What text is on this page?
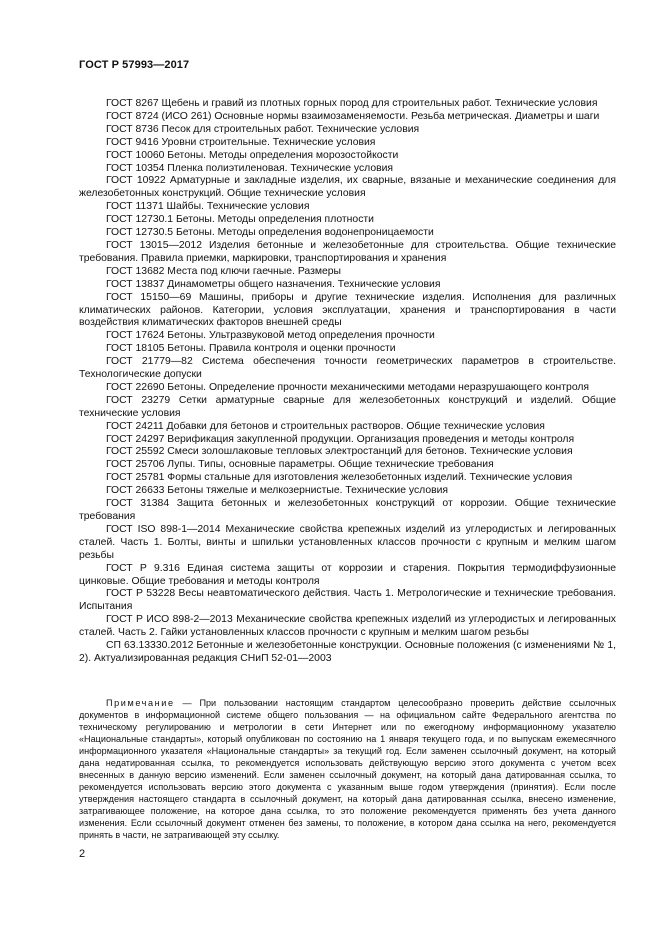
ГОСТ Р 57993—2017

ГОСТ 8267 Щебень и гравий из плотных горных пород для строительных работ. Технические условия

ГОСТ 8724 (ИСО 261) Основные нормы взаимозаменяемости. Резьба метрическая. Диаметры и шаги

ГОСТ 8736 Песок для строительных работ. Технические условия

ГОСТ 9416 Уровни строительные. Технические условия

ГОСТ 10060 Бетоны. Методы определения морозостойкости

ГОСТ 10354 Пленка полиэтиленовая. Технические условия

ГОСТ 10922 Арматурные и закладные изделия, их сварные, вязаные и механические соединения для железобетонных конструкций. Общие технические условия

ГОСТ 11371 Шайбы. Технические условия

ГОСТ 12730.1 Бетоны. Методы определения плотности

ГОСТ 12730.5 Бетоны. Методы определения водонепроницаемости

ГОСТ 13015—2012 Изделия бетонные и железобетонные для строительства. Общие технические требования. Правила приемки, маркировки, транспортирования и хранения

ГОСТ 13682 Места под ключи гаечные. Размеры

ГОСТ 13837 Динамометры общего назначения. Технические условия

ГОСТ 15150—69 Машины, приборы и другие технические изделия. Исполнения для различных климатических районов. Категории, условия эксплуатации, хранения и транспортирования в части воздействия климатических факторов внешней среды

ГОСТ 17624 Бетоны. Ультразвуковой метод определения прочности

ГОСТ 18105 Бетоны. Правила контроля и оценки прочности

ГОСТ 21779—82 Система обеспечения точности геометрических параметров в строительстве. Технологические допуски

ГОСТ 22690 Бетоны. Определение прочности механическими методами неразрушающего контроля

ГОСТ 23279 Сетки арматурные сварные для железобетонных конструкций и изделий. Общие технические условия

ГОСТ 24211 Добавки для бетонов и строительных растворов. Общие технические условия

ГОСТ 24297 Верификация закупленной продукции. Организация проведения и методы контроля

ГОСТ 25592 Смеси золошлаковые тепловых электростанций для бетонов. Технические условия

ГОСТ 25706 Лупы. Типы, основные параметры. Общие технические требования

ГОСТ 25781 Формы стальные для изготовления железобетонных изделий. Технические условия

ГОСТ 26633 Бетоны тяжелые и мелкозернистые. Технические условия

ГОСТ 31384 Защита бетонных и железобетонных конструкций от коррозии. Общие технические требования

ГОСТ ISO 898-1—2014 Механические свойства крепежных изделий из углеродистых и легированных сталей. Часть 1. Болты, винты и шпильки установленных классов прочности с крупным и мелким шагом резьбы

ГОСТ Р 9.316 Единая система защиты от коррозии и старения. Покрытия термодиффузионные цинковые. Общие требования и методы контроля

ГОСТ Р 53228 Весы неавтоматического действия. Часть 1. Метрологические и технические требования. Испытания

ГОСТ Р ИСО 898-2—2013 Механические свойства крепежных изделий из углеродистых и легированных сталей. Часть 2. Гайки установленных классов прочности с крупным и мелким шагом резьбы

СП 63.13330.2012 Бетонные и железобетонные конструкции. Основные положения (с изменениями № 1, 2). Актуализированная редакция СНиП 52-01—2003

Примечание — При пользовании настоящим стандартом целесообразно проверить действие ссылочных документов в информационной системе общего пользования — на официальном сайте Федерального агентства по техническому регулированию и метрологии в сети Интернет или по ежегодному информационному указателю «Национальные стандарты», который опубликован по состоянию на 1 января текущего года, и по выпускам ежемесячного информационного указателя «Национальные стандарты» за текущий год. Если заменен ссылочный документ, на который дана недатированная ссылка, то рекомендуется использовать действующую версию этого документа с учетом всех внесенных в данную версию изменений. Если заменен ссылочный документ, на который дана датированная ссылка, то рекомендуется использовать версию этого документа с указанным выше годом утверждения (принятия). Если после утверждения настоящего стандарта в ссылочный документ, на который дана датированная ссылка, внесено изменение, затрагивающее положение, на которое дана ссылка, то это положение рекомендуется применять без учета данного изменения. Если ссылочный документ отменен без замены, то положение, в котором дана ссылка на него, рекомендуется принять в части, не затрагивающей эту ссылку.

2
